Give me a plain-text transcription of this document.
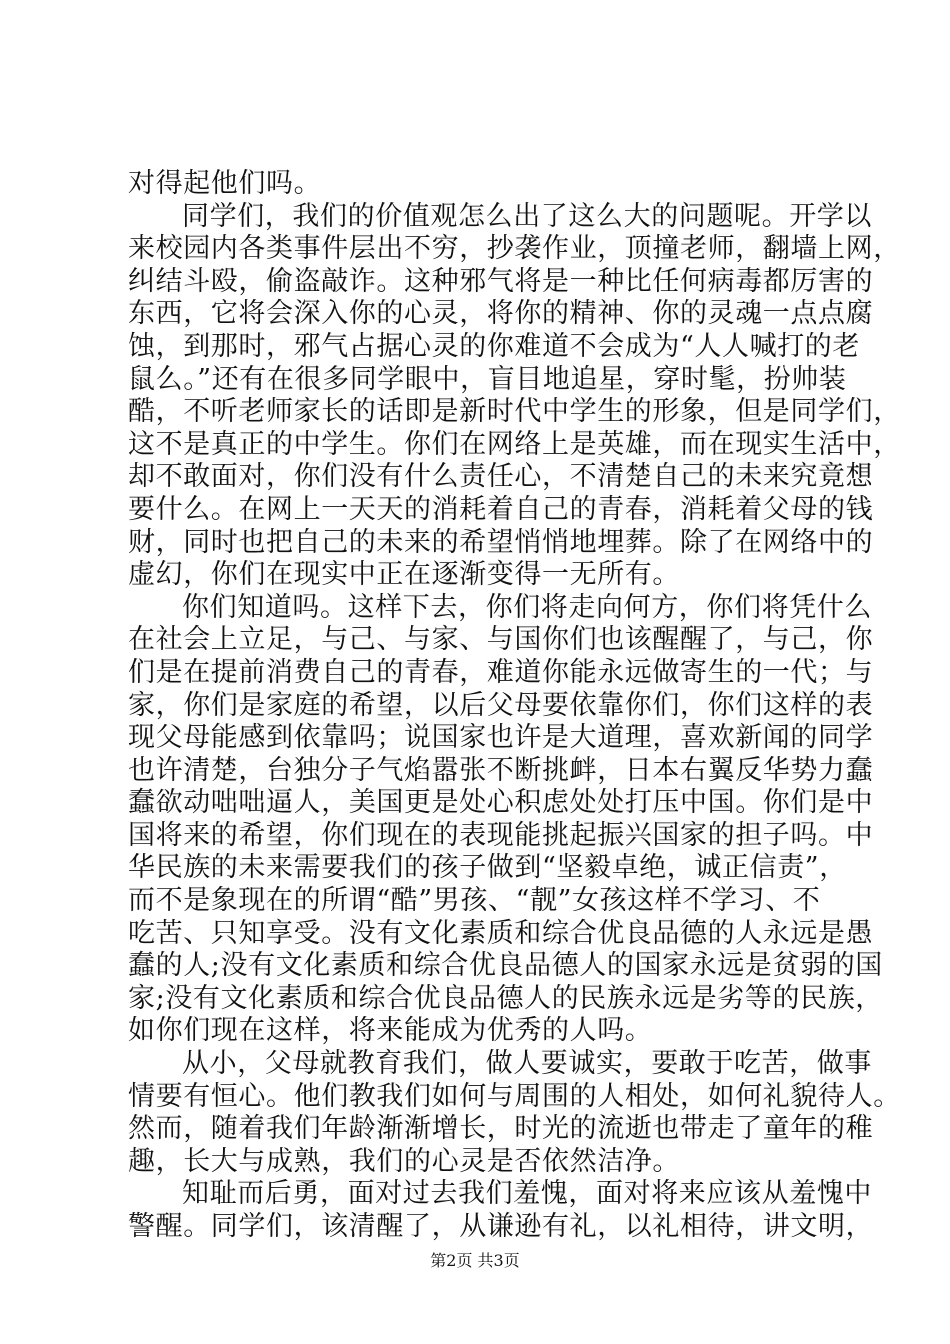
对得起他们吗。
同学们，我们的价值观怎么出了这么大的问题呢。开学以
来校园内各类事件层出不穷，抄袭作业，顶撞老师，翻墙上网，
纠结斗殴，偷盗敲诈。这种邪气将是一种比任何病毒都厉害的
东西，它将会深入你的心灵，将你的精神、你的灵魂一点点腐
蚀，到那时，邪气占据心灵的你难道不会成为“人人喊打的老
鼠么。”还有在很多同学眼中，盲目地追星，穿时髦，扮帅装
酷，不听老师家长的话即是新时代中学生的形象，但是同学们，
这不是真正的中学生。你们在网络上是英雄，而在现实生活中，
却不敢面对，你们没有什么责任心，不清楚自己的未来究竟想
要什么。在网上一天天的消耗着自己的青春，消耗着父母的钱
财，同时也把自己的未来的希望悄悄地埋葬。除了在网络中的
虚幻，你们在现实中正在逐渐变得一无所有。
你们知道吗。这样下去，你们将走向何方，你们将凭什么
在社会上立足，与己、与家、与国你们也该醒醒了，与己，你
们是在提前消费自己的青春，难道你能永远做寄生的一代；与
家，你们是家庭的希望，以后父母要依靠你们，你们这样的表
现父母能感到依靠吗；说国家也许是大道理，喜欢新闻的同学
也许清楚，台独分子气焰嚣张不断挑衅，日本右翼反华势力蠢
蠢欲动咄咄逼人，美国更是处心积虑处处打压中国。你们是中
国将来的希望，你们现在的表现能挑起振兴国家的担子吗。中
华民族的未来需要我们的孩子做到“坚毅卓绝，诚正信责”，
而不是象现在的所谓“酷”男孩、“靓”女孩这样不学习、不
吃苦、只知享受。没有文化素质和综合优良品德的人永远是愚
蠢的人;没有文化素质和综合优良品德人的国家永远是贫弱的国
家;没有文化素质和综合优良品德人的民族永远是劣等的民族，
如你们现在这样，将来能成为优秀的人吗。
从小，父母就教育我们，做人要诚实，要敢于吃苦，做事
情要有恒心。他们教我们如何与周围的人相处，如何礼貌待人。
然而，随着我们年龄渐渐增长，时光的流逝也带走了童年的稚
趣，长大与成熟，我们的心灵是否依然洁净。
知耻而后勇，面对过去我们羞愧，面对将来应该从羞愧中
警醒。同学们，该清醒了，从谦逊有礼，以礼相待，讲文明，
第2页 共3页
